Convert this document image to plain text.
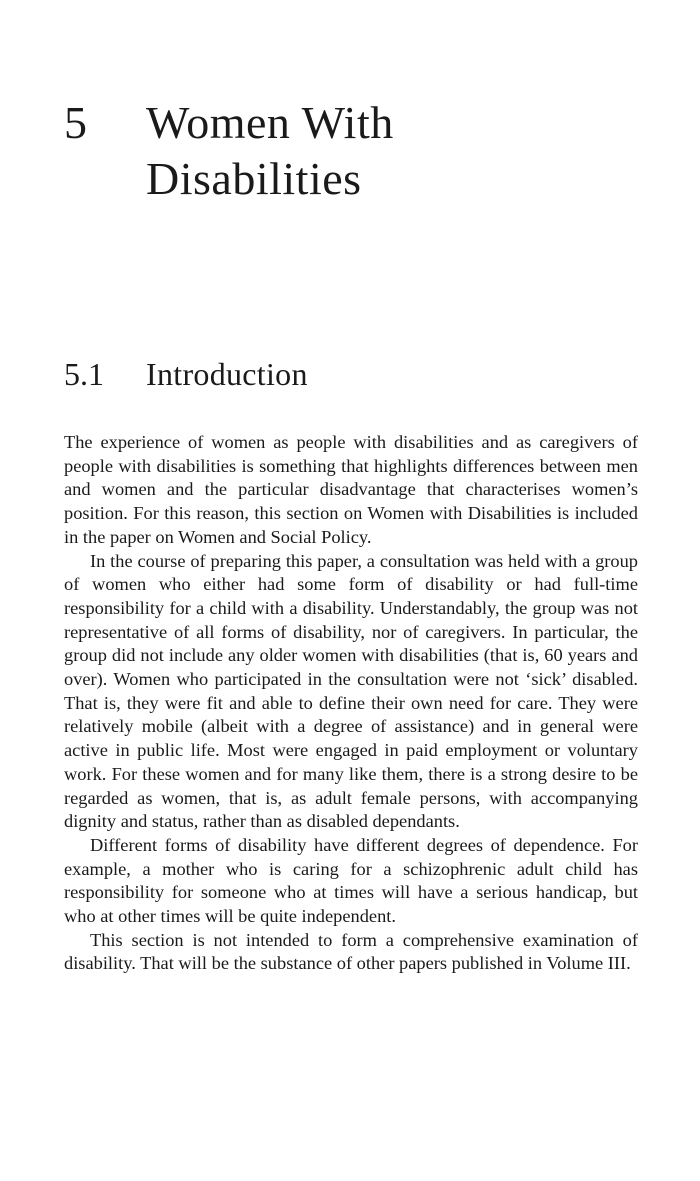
5	Women With
Disabilities
5.1	Introduction

The experience of women as people with disabilities and as caregivers of people with disabilities is something that highlights differences between men and women and the particular disadvantage that characterises women’s position. For this reason, this section on Women with Disabilities is included in the paper on Women and Social Policy.

In the course of preparing this paper, a consultation was held with a group of women who either had some form of disability or had full-time responsibility for a child with a disability. Understandably, the group was not representative of all forms of disability, nor of caregivers. In particular, the group did not include any older women with disabilities (that is, 60 years and over). Women who participated in the consultation were not ‘sick’ disabled. That is, they were fit and able to define their own need for care. They were relatively mobile (albeit with a degree of assistance) and in general were active in public life. Most were engaged in paid employment or voluntary work. For these women and for many like them, there is a strong desire to be regarded as women, that is, as adult female persons, with accompanying dignity and status, rather than as disabled dependants.

Different forms of disability have different degrees of dependence. For example, a mother who is caring for a schizophrenic adult child has responsibility for someone who at times will have a serious handicap, but who at other times will be quite independent.

This section is not intended to form a comprehensive examination of disability. That will be the substance of other papers published in Volume III.
